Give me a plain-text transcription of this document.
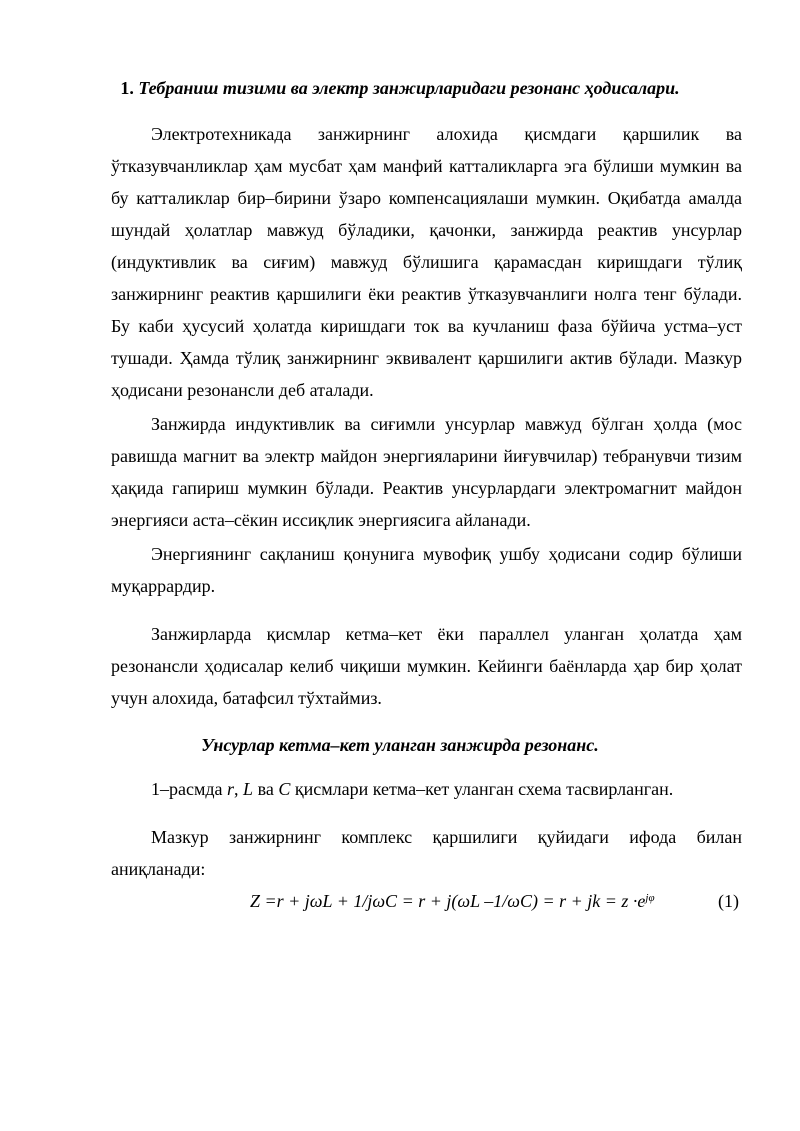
1. Тебраниш тизими ва электр занжирларидаги резонанс ҳодисалари.

Электротехникада занжирнинг алохида қисмдаги қаршилик ва ўтказувчанликлар ҳам мусбат ҳам манфий катталикларга эга бўлиши мумкин ва бу катталиклар бир–бирини ўзаро компенсациялаши мумкин. Оқибатда амалда шундай ҳолатлар мавжуд бўладики, қачонки, занжирда реактив унсурлар (индуктивлик ва сиғим) мавжуд бўлишига қарамасдан киришдаги тўлиқ занжирнинг реактив қаршилиги ёки реактив ўтказувчанлиги нолга тенг бўлади. Бу каби ҳусусий ҳолатда киришдаги ток ва кучланиш фаза бўйича устма–уст тушади. Ҳамда тўлиқ занжирнинг эквивалент қаршилиги актив бўлади. Мазкур ҳодисани резонансли деб аталади.

Занжирда индуктивлик ва сиғимли унсурлар мавжуд бўлган ҳолда (мос равишда магнит ва электр майдон энергияларини йиғувчилар) тебранувчи тизим ҳақида гапириш мумкин бўлади. Реактив унсурлардаги электромагнит майдон энергияси аста–сёкин иссиқлик энергиясига айланади.

Энергиянинг сақланиш қонунига мувофиқ ушбу ҳодисани содир бўлиши муқаррардир.

Занжирларда қисмлар кетма–кет ёки параллел уланган ҳолатда ҳам резонансли ҳодисалар келиб чиқиши мумкин. Кейинги баёнларда ҳар бир ҳолат учун алохида, батафсил тўхтаймиз.

Унсурлар кетма–кет уланган занжирда резонанс.

1–расмда r, L ва C қисмлари кетма–кет уланган схема тасвирланган.

Мазкур занжирнинг комплекс қаршилиги қуйидаги ифода билан аниқланади:

Z =r + jωL + 1/jωC = r + j(ωL –1/ωC) = r + jk = $z \cdot e^{j\varphi}$	(1)
